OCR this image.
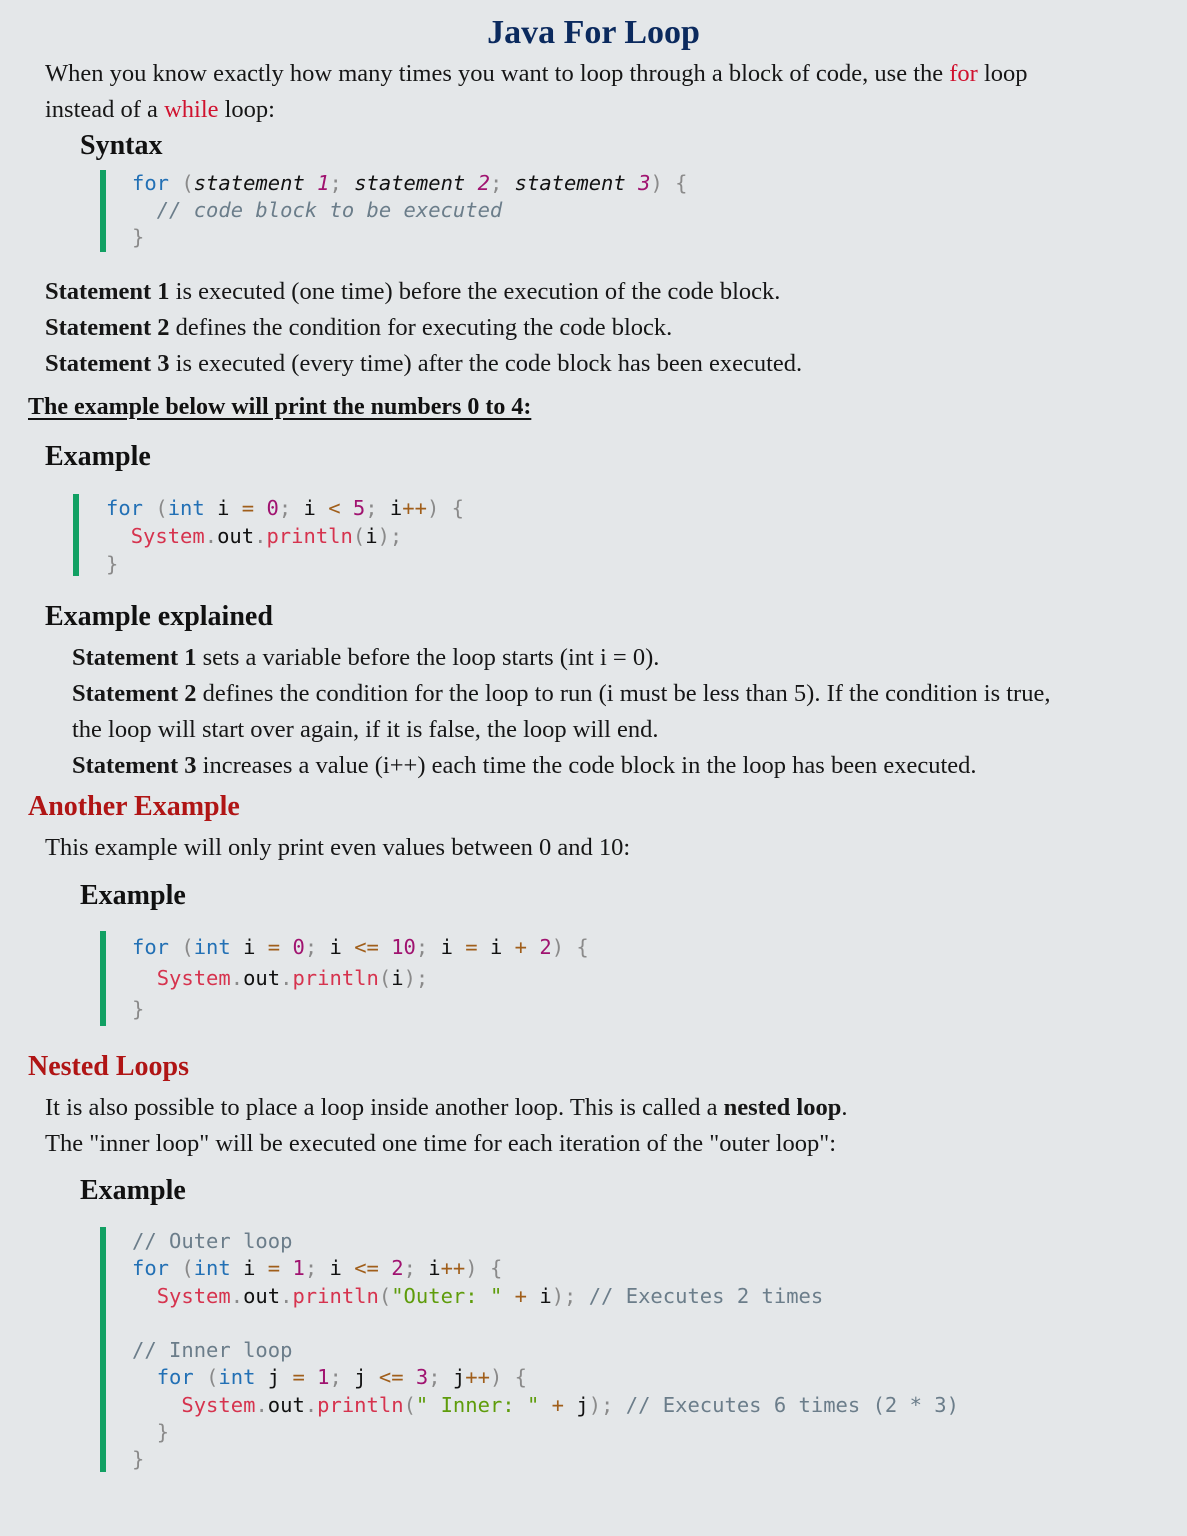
Java For Loop
When you know exactly how many times you want to loop through a block of code, use the for loop
instead of a while loop:
Syntax
for (statement 1; statement 2; statement 3) {
// code block to be executed
}
Statement 1 is executed (one time) before the execution of the code block.
Statement 2 defines the condition for executing the code block.
Statement 3 is executed (every time) after the code block has been executed.
The example below will print the numbers 0 to 4:
Example
for (int i = 0; i < 5; i++) {
System.out.println(i);
}
Example explained
Statement 1 sets a variable before the loop starts (int i = 0).
Statement 2 defines the condition for the loop to run (i must be less than 5). If the condition is true,
the loop will start over again, if it is false, the loop will end.
Statement 3 increases a value (i++) each time the code block in the loop has been executed.
Another Example
This example will only print even values between 0 and 10:
Example
for (int i = 0; i <= 10; i = i + 2) {
System.out.println(i);
}
Nested Loops
It is also possible to place a loop inside another loop. This is called a nested loop.
The "inner loop" will be executed one time for each iteration of the "outer loop":
Example
// Outer loop
for (int i = 1; i <= 2; i++) {
System.out.println("Outer: " + i); // Executes 2 times

// Inner loop
for (int j = 1; j <= 3; j++) {
System.out.println(" Inner: " + j); // Executes 6 times (2 * 3)
}
}
